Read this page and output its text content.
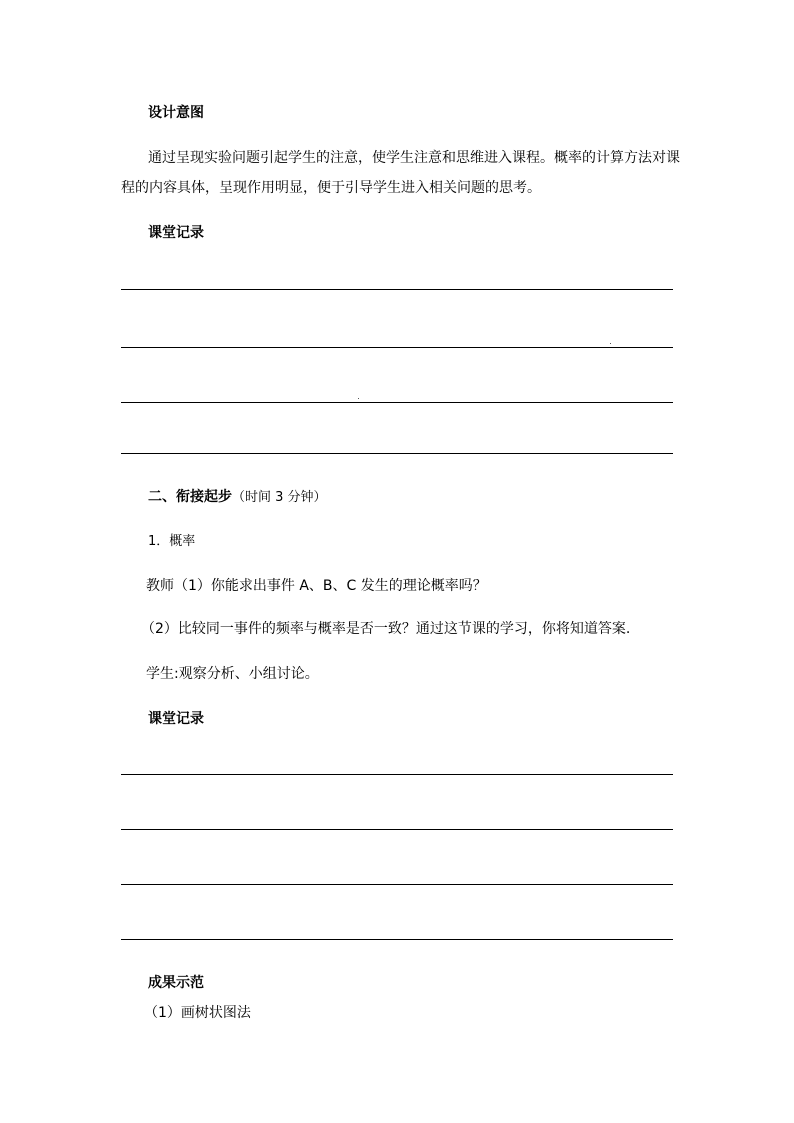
设计意图
通过呈现实验问题引起学生的注意，使学生注意和思维进入课程。概率的计算方法对课
程的内容具体，呈现作用明显，便于引导学生进入相关问题的思考。
课堂记录
二、衔接起步（时间 3 分钟）
1．概率
教师（1）你能求出事件 A、B、C 发生的理论概率吗？
（2）比较同一事件的频率与概率是否一致？通过这节课的学习，你将知道答案.
学生:观察分析、小组讨论。
课堂记录
成果示范
（1）画树状图法
